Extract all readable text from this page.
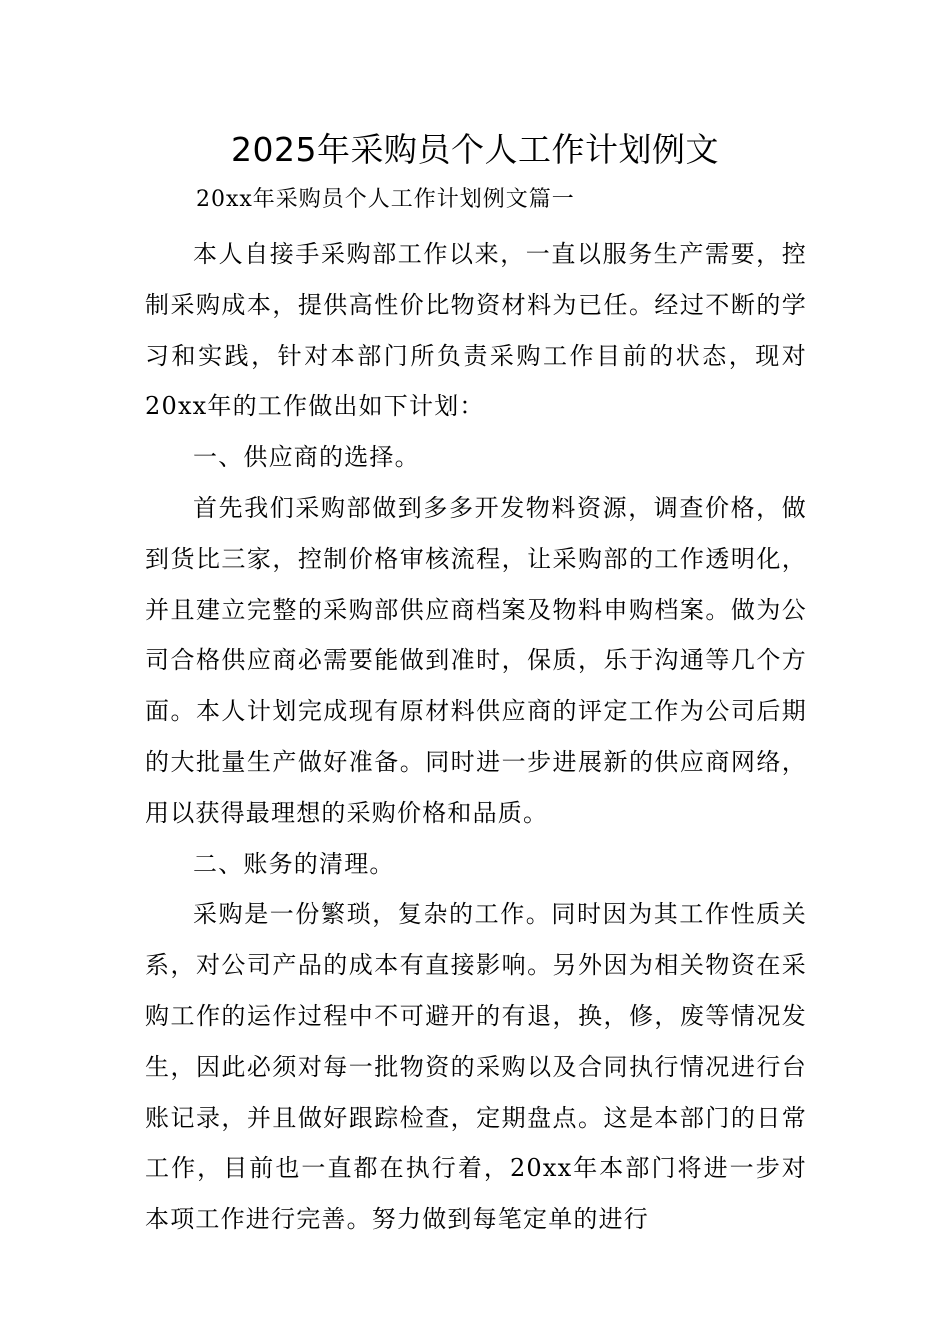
2025年采购员个人工作计划例文
20xx年采购员个人工作计划例文篇一

本人自接手采购部工作以来，一直以服务生产需要，控制采购成本，提供高性价比物资材料为已任。经过不断的学习和实践，针对本部门所负责采购工作目前的状态，现对20xx年的工作做出如下计划：

一、供应商的选择。

首先我们采购部做到多多开发物料资源，调查价格，做到货比三家，控制价格审核流程，让采购部的工作透明化，并且建立完整的采购部供应商档案及物料申购档案。做为公司合格供应商必需要能做到准时，保质，乐于沟通等几个方面。本人计划完成现有原材料供应商的评定工作为公司后期的大批量生产做好准备。同时进一步进展新的供应商网络，用以获得最理想的采购价格和品质。

二、账务的清理。

采购是一份繁琐，复杂的工作。同时因为其工作性质关系，对公司产品的成本有直接影响。另外因为相关物资在采购工作的运作过程中不可避开的有退，换，修，废等情况发生，因此必须对每一批物资的采购以及合同执行情况进行台账记录，并且做好跟踪检查，定期盘点。这是本部门的日常工作，目前也一直都在执行着，20xx年本部门将进一步对本项工作进行完善。努力做到每笔定单的进行
